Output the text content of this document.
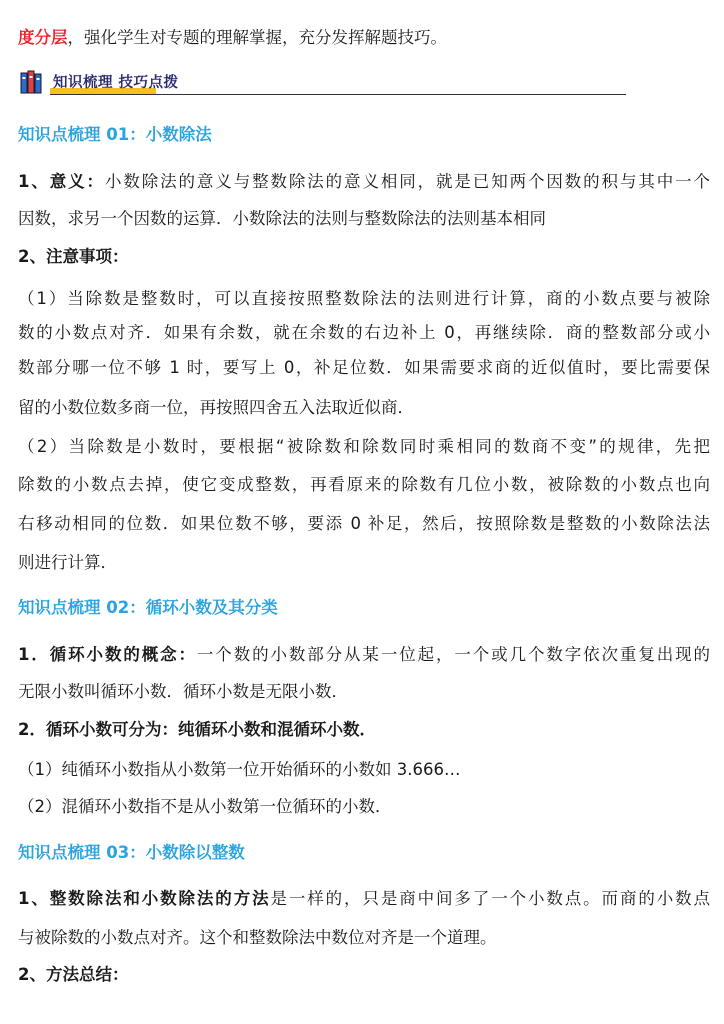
度分层，强化学生对专题的理解掌握，充分发挥解题技巧。
知识梳理 技巧点拨
知识点梳理 01：小数除法
1、意义：小数除法的意义与整数除法的意义相同，就是已知两个因数的积与其中一个
因数，求另一个因数的运算．小数除法的法则与整数除法的法则基本相同
2、注意事项：
（1）当除数是整数时，可以直接按照整数除法的法则进行计算，商的小数点要与被除
数的小数点对齐．如果有余数，就在余数的右边补上 0，再继续除．商的整数部分或小
数部分哪一位不够 1 时，要写上 0，补足位数．如果需要求商的近似值时，要比需要保
留的小数位数多商一位，再按照四舍五入法取近似商．
（2）当除数是小数时，要根据“被除数和除数同时乘相同的数商不变”的规律，先把
除数的小数点去掉，使它变成整数，再看原来的除数有几位小数，被除数的小数点也向
右移动相同的位数．如果位数不够，要添 0 补足，然后，按照除数是整数的小数除法法
则进行计算．
知识点梳理 02：循环小数及其分类
1．循环小数的概念：一个数的小数部分从某一位起，一个或几个数字依次重复出现的
无限小数叫循环小数．循环小数是无限小数．
2．循环小数可分为：纯循环小数和混循环小数．
（1）纯循环小数指从小数第一位开始循环的小数如 3.666…
（2）混循环小数指不是从小数第一位循环的小数．
知识点梳理 03：小数除以整数
1、整数除法和小数除法的方法是一样的，只是商中间多了一个小数点。而商的小数点
与被除数的小数点对齐。这个和整数除法中数位对齐是一个道理。
2、方法总结：
